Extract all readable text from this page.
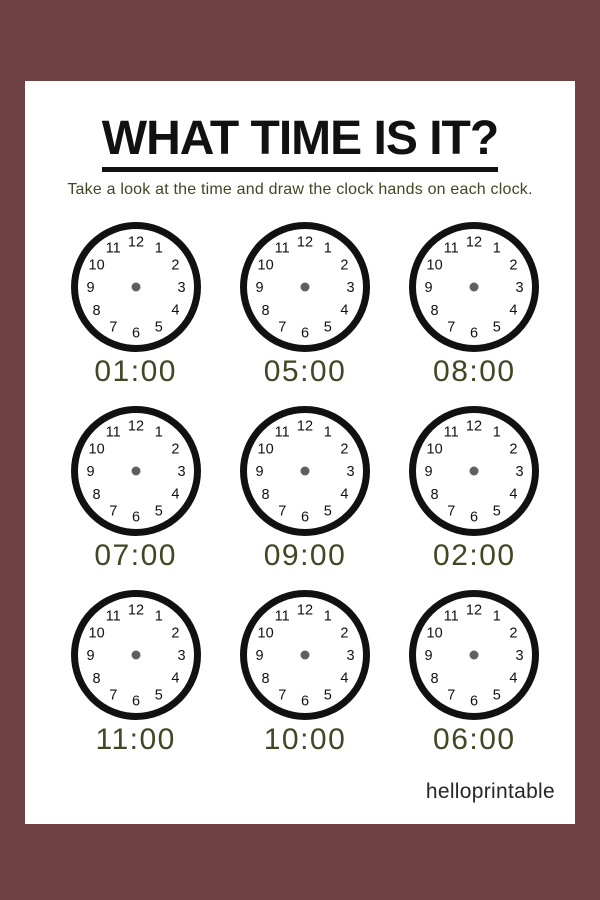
WHAT TIME IS IT?

Take a look at the time and draw the clock hands on each clock.

12 1
2
3
4
5
6
7
8
9
10
11
01:00
12 1
2
3
4
5
6
7
8
9
10
11
05:00
12 1
2
3
4
5
6
7
8
9
10
11
08:00
12 1
2
3
4
5
6
7
8
9
10
11
07:00
12 1
2
3
4
5
6
7
8
9
10
11
09:00
12 1
2
3
4
5
6
7
8
9
10
11
02:00
12 1
2
3
4
5
6
7
8
9
10
11
11:00
12 1
2
3
4
5
6
7
8
9
10
11
10:00
12 1
2
3
4
5
6
7
8
9
10
11
06:00
helloprintable
